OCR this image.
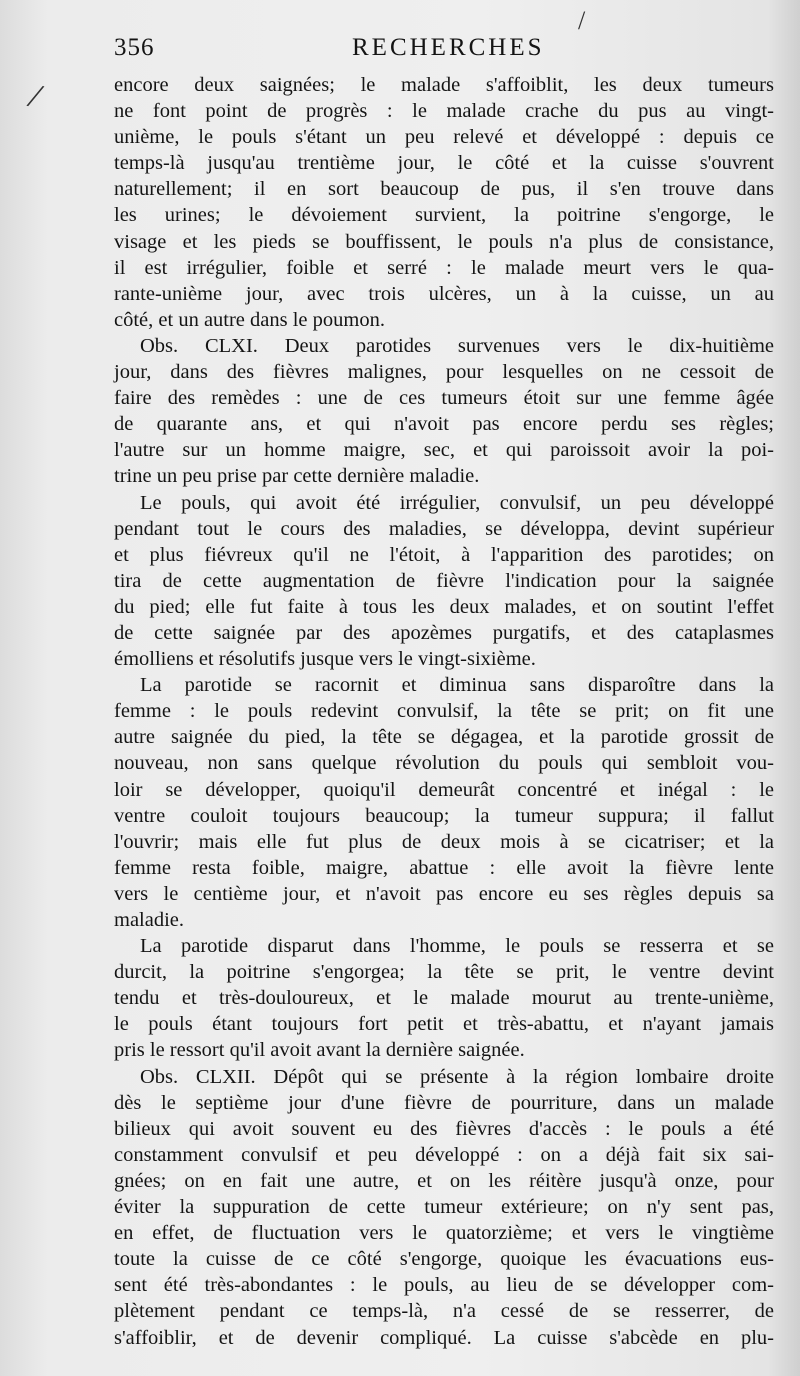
/
/
356	RECHERCHES
encore deux saignées; le malade s'affoiblit, les deux tumeurs
ne font point de progrès : le malade crache du pus au vingt-
unième, le pouls s'étant un peu relevé et développé : depuis ce
temps-là jusqu'au trentième jour, le côté et la cuisse s'ouvrent
naturellement; il en sort beaucoup de pus, il s'en trouve dans
les urines; le dévoiement survient, la poitrine s'engorge, le
visage et les pieds se bouffissent, le pouls n'a plus de consistance,
il est irrégulier, foible et serré : le malade meurt vers le qua-
rante-unième jour, avec trois ulcères, un à la cuisse, un au
côté, et un autre dans le poumon.
Obs. CLXI. Deux parotides survenues vers le dix-huitième
jour, dans des fièvres malignes, pour lesquelles on ne cessoit de
faire des remèdes : une de ces tumeurs étoit sur une femme âgée
de quarante ans, et qui n'avoit pas encore perdu ses règles;
l'autre sur un homme maigre, sec, et qui paroissoit avoir la poi-
trine un peu prise par cette dernière maladie.
Le pouls, qui avoit été irrégulier, convulsif, un peu développé
pendant tout le cours des maladies, se développa, devint supérieur
et plus fiévreux qu'il ne l'étoit, à l'apparition des parotides; on
tira de cette augmentation de fièvre l'indication pour la saignée
du pied; elle fut faite à tous les deux malades, et on soutint l'effet
de cette saignée par des apozèmes purgatifs, et des cataplasmes
émolliens et résolutifs jusque vers le vingt-sixième.
La parotide se racornit et diminua sans disparoître dans la
femme : le pouls redevint convulsif, la tête se prit; on fit une
autre saignée du pied, la tête se dégagea, et la parotide grossit de
nouveau, non sans quelque révolution du pouls qui sembloit vou-
loir se développer, quoiqu'il demeurât concentré et inégal : le
ventre couloit toujours beaucoup; la tumeur suppura; il fallut
l'ouvrir; mais elle fut plus de deux mois à se cicatriser; et la
femme resta foible, maigre, abattue : elle avoit la fièvre lente
vers le centième jour, et n'avoit pas encore eu ses règles depuis sa
maladie.
La parotide disparut dans l'homme, le pouls se resserra et se
durcit, la poitrine s'engorgea; la tête se prit, le ventre devint
tendu et très-douloureux, et le malade mourut au trente-unième,
le pouls étant toujours fort petit et très-abattu, et n'ayant jamais
pris le ressort qu'il avoit avant la dernière saignée.
Obs. CLXII. Dépôt qui se présente à la région lombaire droite
dès le septième jour d'une fièvre de pourriture, dans un malade
bilieux qui avoit souvent eu des fièvres d'accès : le pouls a été
constamment convulsif et peu développé : on a déjà fait six sai-
gnées; on en fait une autre, et on les réitère jusqu'à onze, pour
éviter la suppuration de cette tumeur extérieure; on n'y sent pas,
en effet, de fluctuation vers le quatorzième; et vers le vingtième
toute la cuisse de ce côté s'engorge, quoique les évacuations eus-
sent été très-abondantes : le pouls, au lieu de se développer com-
plètement pendant ce temps-là, n'a cessé de se resserrer, de
s'affoiblir, et de devenir compliqué. La cuisse s'abcède en plu-
